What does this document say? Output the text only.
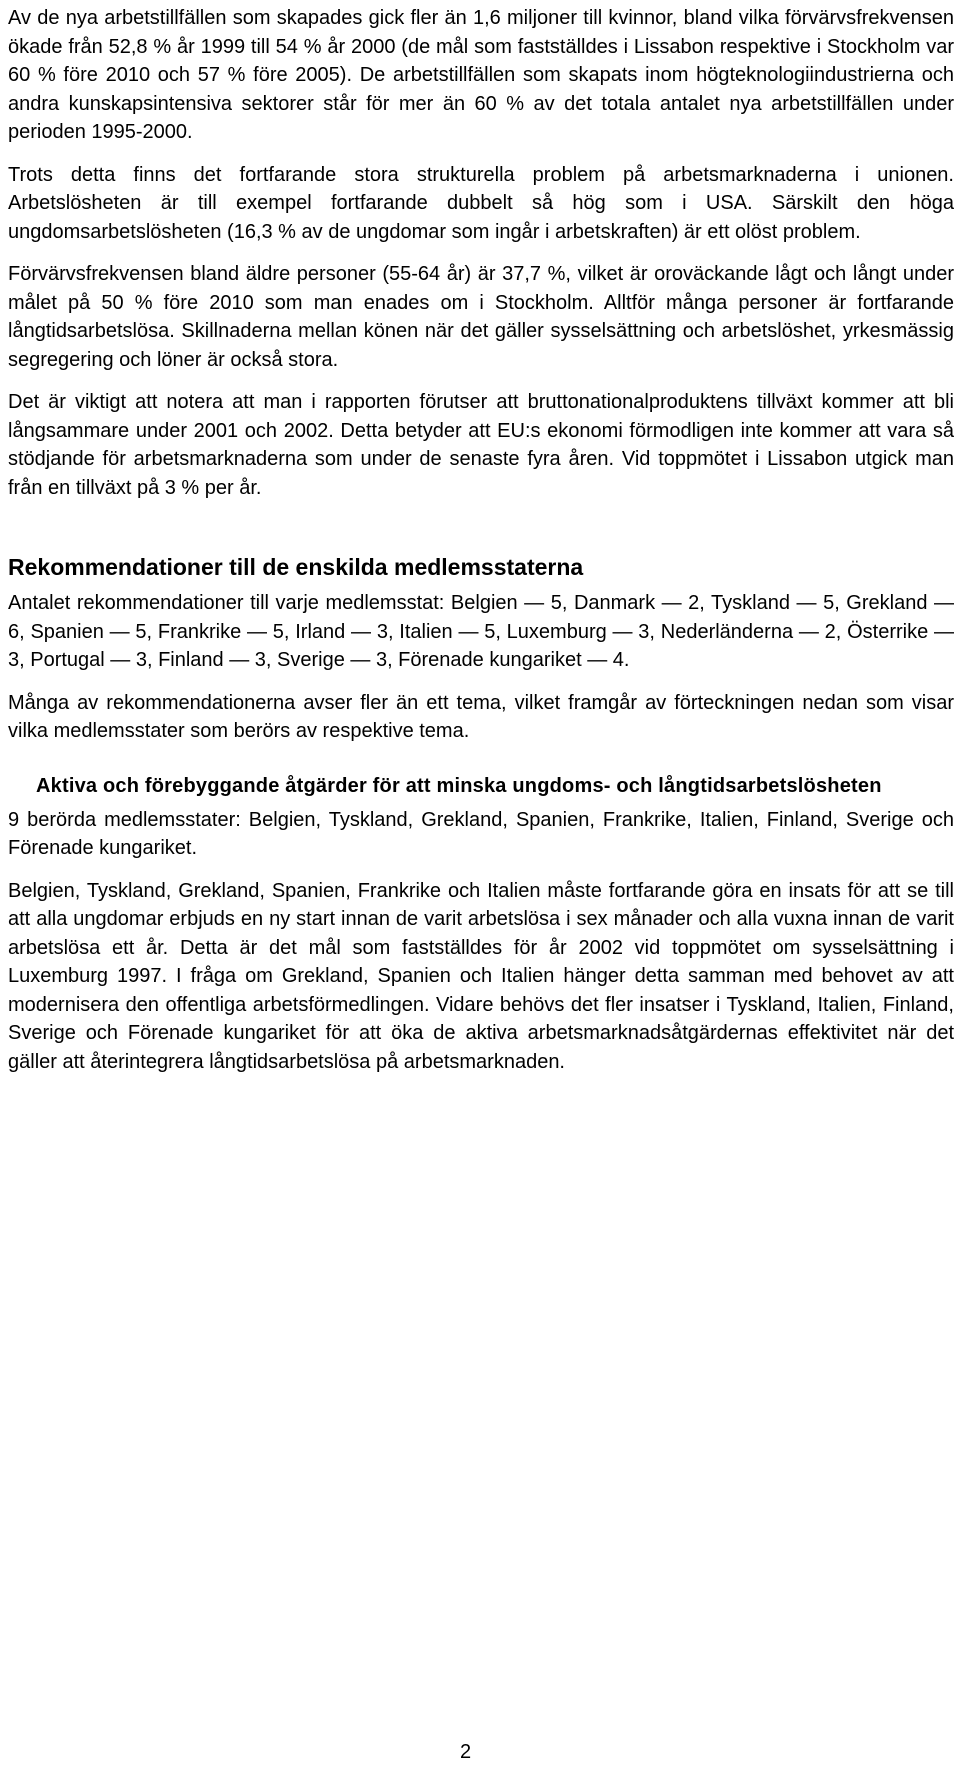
Av de nya arbetstillfällen som skapades gick fler än 1,6 miljoner till kvinnor, bland vilka förvärvsfrekvensen ökade från 52,8 % år 1999 till 54 % år 2000 (de mål som fastställdes i Lissabon respektive i Stockholm var 60 % före 2010 och 57 % före 2005). De arbetstillfällen som skapats inom högteknologiindustrierna och andra kunskapsintensiva sektorer står för mer än 60 % av det totala antalet nya arbetstillfällen under perioden 1995-2000.

Trots detta finns det fortfarande stora strukturella problem på arbetsmarknaderna i unionen. Arbetslösheten är till exempel fortfarande dubbelt så hög som i USA. Särskilt den höga ungdomsarbetslösheten (16,3 % av de ungdomar som ingår i arbetskraften) är ett olöst problem.

Förvärvsfrekvensen bland äldre personer (55-64 år) är 37,7 %, vilket är oroväckande lågt och långt under målet på 50 % före 2010 som man enades om i Stockholm. Alltför många personer är fortfarande långtidsarbetslösa. Skillnaderna mellan könen när det gäller sysselsättning och arbetslöshet, yrkesmässig segregering och löner är också stora.

Det är viktigt att notera att man i rapporten förutser att bruttonationalproduktens tillväxt kommer att bli långsammare under 2001 och 2002. Detta betyder att EU:s ekonomi förmodligen inte kommer att vara så stödjande för arbetsmarknaderna som under de senaste fyra åren. Vid toppmötet i Lissabon utgick man från en tillväxt på 3 % per år.

Rekommendationer till de enskilda medlemsstaterna

Antalet rekommendationer till varje medlemsstat: Belgien — 5, Danmark — 2, Tyskland — 5, Grekland — 6, Spanien — 5, Frankrike — 5, Irland — 3, Italien — 5, Luxemburg — 3, Nederländerna — 2, Österrike — 3, Portugal — 3, Finland — 3, Sverige — 3, Förenade kungariket — 4.

Många av rekommendationerna avser fler än ett tema, vilket framgår av förteckningen nedan som visar vilka medlemsstater som berörs av respektive tema.

Aktiva och förebyggande åtgärder för att minska ungdoms- och långtidsarbetslösheten

9 berörda medlemsstater: Belgien, Tyskland, Grekland, Spanien, Frankrike, Italien, Finland, Sverige och Förenade kungariket.

Belgien, Tyskland, Grekland, Spanien, Frankrike och Italien måste fortfarande göra en insats för att se till att alla ungdomar erbjuds en ny start innan de varit arbetslösa i sex månader och alla vuxna innan de varit arbetslösa ett år. Detta är det mål som fastställdes för år 2002 vid toppmötet om sysselsättning i Luxemburg 1997. I fråga om Grekland, Spanien och Italien hänger detta samman med behovet av att modernisera den offentliga arbetsförmedlingen. Vidare behövs det fler insatser i Tyskland, Italien, Finland, Sverige och Förenade kungariket för att öka de aktiva arbetsmarknadsåtgärdernas effektivitet när det gäller att återintegrera långtidsarbetslösa på arbetsmarknaden.

2
